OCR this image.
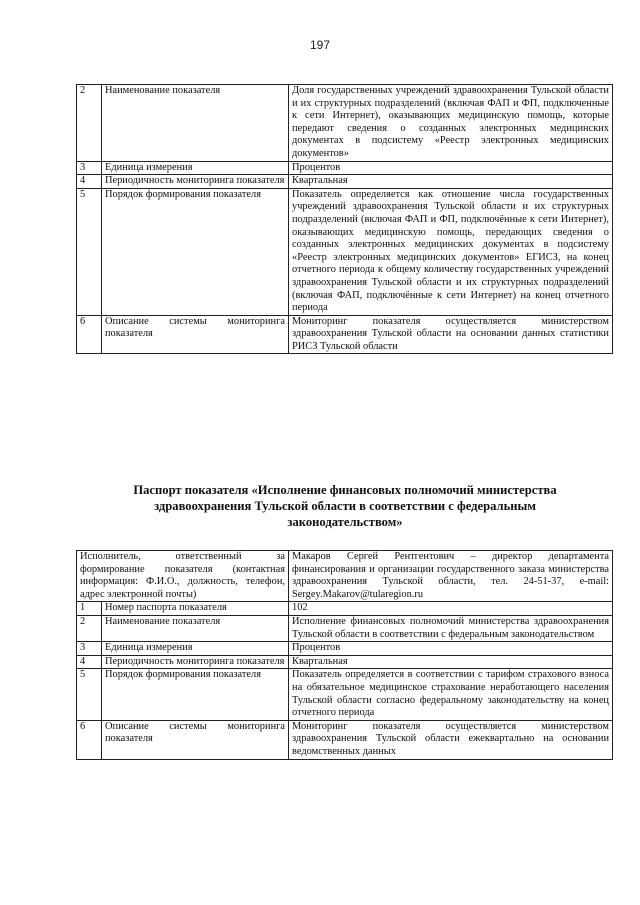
197
2	Наименование показателя	Доля государственных учреждений здравоохранения Тульской области и их структурных подразделений (включая ФАП и ФП, подключенные к сети Интернет), оказывающих медицинскую помощь, которые передают сведения о созданных электронных медицинских документах в подсистему «Реестр электронных медицинских документов»
3	Единица измерения	Процентов
4	Периодичность мониторинга показателя	Квартальная
5	Порядок формирования показателя	Показатель определяется как отношение числа государственных учреждений здравоохранения Тульской области и их структурных подразделений (включая ФАП и ФП, подключённые к сети Интернет), оказывающих медицинскую помощь, передающих сведения о созданных электронных медицинских документах в подсистему «Реестр электронных медицинских документов» ЕГИСЗ, на конец отчетного периода к общему количеству государственных учреждений здравоохранения Тульской области и их структурных подразделений (включая ФАП, подключённые к сети Интернет) на конец отчетного периода
6	Описание системы мониторинга показателя	Мониторинг показателя осуществляется министерством здравоохранения Тульской области на основании данных статистики РИСЗ Тульской области
Паспорт показателя «Исполнение финансовых полномочий министерства здравоохранения Тульской области в соответствии с федеральным законодательством»
Исполнитель, ответственный за формирование показателя (контактная информация: Ф.И.О., должность, телефон, адрес электронной почты)		Макаров Сергей Рентгентович – директор департамента финансирования и организации государственного заказа министерства здравоохранения Тульской области, тел. 24-51-37, e-mail: Sergey.Makarov@tularegion.ru
1	Номер паспорта показателя	102
2	Наименование показателя	Исполнение финансовых полномочий министерства здравоохранения Тульской области в соответствии с федеральным законодательством
3	Единица измерения	Процентов
4	Периодичность мониторинга показателя	Квартальная
5	Порядок формирования показателя	Показатель определяется в соответствии с тарифом страхового взноса на обязательное медицинское страхование неработающего населения Тульской области согласно федеральному законодательству на конец отчетного периода
6	Описание системы мониторинга показателя	Мониторинг показателя осуществляется министерством здравоохранения Тульской области ежеквартально на основании ведомственных данных
